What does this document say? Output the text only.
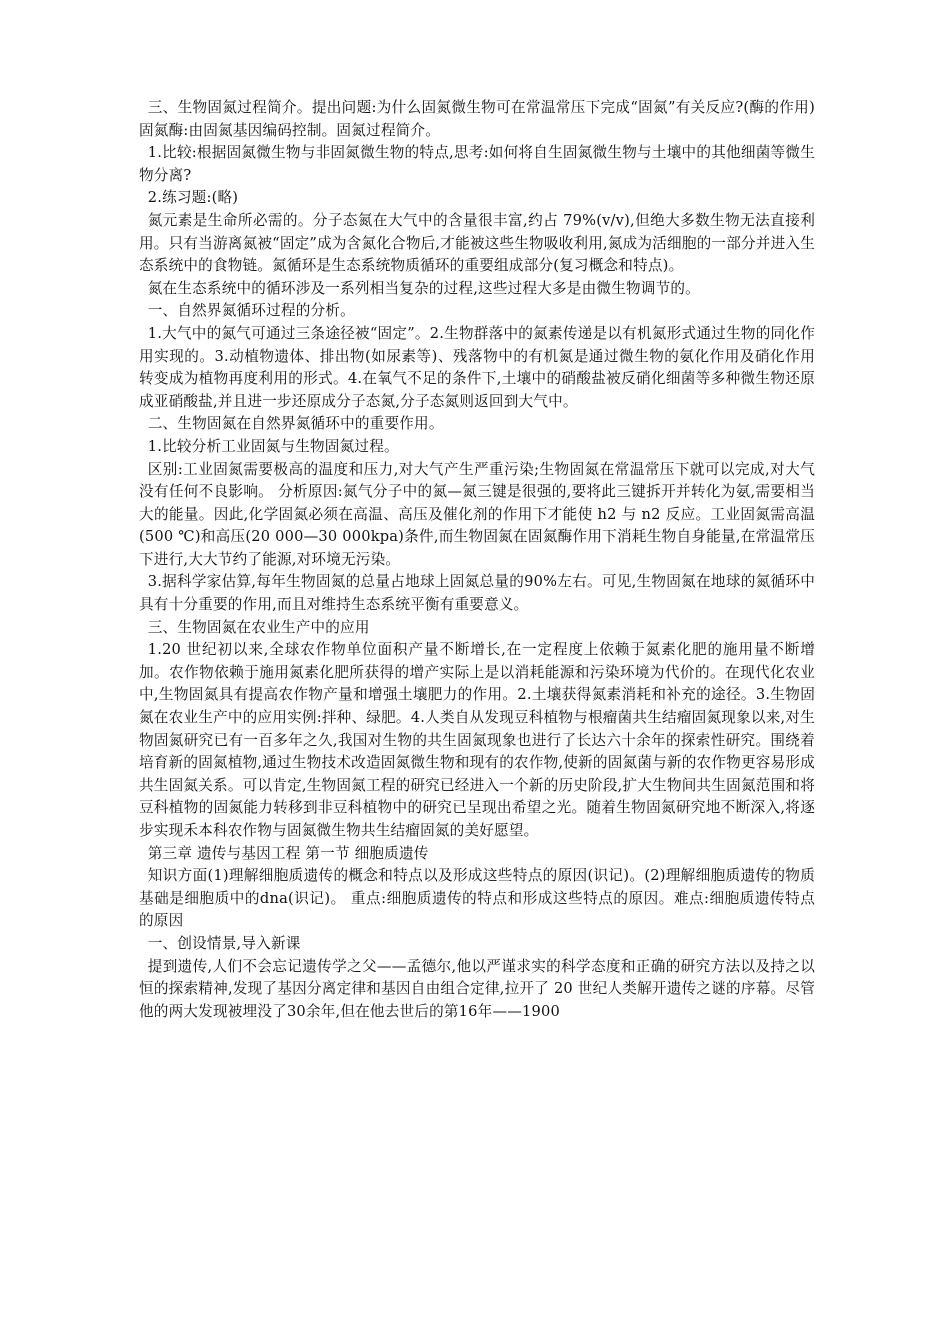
三、生物固氮过程简介。提出问题:为什么固氮微生物可在常温常压下完成“固氮”有关反应?(酶的作用)固氮酶:由固氮基因编码控制。固氮过程简介。

1.比较:根据固氮微生物与非固氮微生物的特点,思考:如何将自生固氮微生物与土壤中的其他细菌等微生物分离?

2.练习题:(略)

氮元素是生命所必需的。分子态氮在大气中的含量很丰富,约占 79%(v/v),但绝大多数生物无法直接利用。只有当游离氮被“固定”成为含氮化合物后,才能被这些生物吸收利用,氮成为活细胞的一部分并进入生态系统中的食物链。氮循环是生态系统物质循环的重要组成部分(复习概念和特点)。

氮在生态系统中的循环涉及一系列相当复杂的过程,这些过程大多是由微生物调节的。

一、自然界氮循环过程的分析。

1.大气中的氮气可通过三条途径被“固定”。2.生物群落中的氮素传递是以有机氮形式通过生物的同化作用实现的。3.动植物遗体、排出物(如尿素等)、残落物中的有机氮是通过微生物的氨化作用及硝化作用转变成为植物再度利用的形式。4.在氧气不足的条件下,土壤中的硝酸盐被反硝化细菌等多种微生物还原成亚硝酸盐,并且进一步还原成分子态氮,分子态氮则返回到大气中。

二、生物固氮在自然界氮循环中的重要作用。

1.比较分析工业固氮与生物固氮过程。

区别:工业固氮需要极高的温度和压力,对大气产生严重污染;生物固氮在常温常压下就可以完成,对大气没有任何不良影响。 分析原因:氮气分子中的氮—氮三键是很强的,要将此三键拆开并转化为氨,需要相当大的能量。因此,化学固氮必须在高温、高压及催化剂的作用下才能使 h2 与 n2 反应。工业固氮需高温(500 ℃)和高压(20 000—30 000kpa)条件,而生物固氮在固氮酶作用下消耗生物自身能量,在常温常压下进行,大大节约了能源,对环境无污染。

3.据科学家估算,每年生物固氮的总量占地球上固氮总量的90%左右。可见,生物固氮在地球的氮循环中具有十分重要的作用,而且对维持生态系统平衡有重要意义。

三、生物固氮在农业生产中的应用

1.20 世纪初以来,全球农作物单位面积产量不断增长,在一定程度上依赖于氮素化肥的施用量不断增加。农作物依赖于施用氮素化肥所获得的增产实际上是以消耗能源和污染环境为代价的。在现代化农业中,生物固氮具有提高农作物产量和增强土壤肥力的作用。2.土壤获得氮素消耗和补充的途径。3.生物固氮在农业生产中的应用实例:拌种、绿肥。4.人类自从发现豆科植物与根瘤菌共生结瘤固氮现象以来,对生物固氮研究已有一百多年之久,我国对生物的共生固氮现象也进行了长达六十余年的探索性研究。围绕着培育新的固氮植物,通过生物技术改造固氮微生物和现有的农作物,使新的固氮菌与新的农作物更容易形成共生固氮关系。可以肯定,生物固氮工程的研究已经进入一个新的历史阶段,扩大生物间共生固氮范围和将豆科植物的固氮能力转移到非豆科植物中的研究已呈现出希望之光。随着生物固氮研究地不断深入,将逐步实现禾本科农作物与固氮微生物共生结瘤固氮的美好愿望。

第三章 遗传与基因工程 第一节 细胞质遗传

知识方面(1)理解细胞质遗传的概念和特点以及形成这些特点的原因(识记)。(2)理解细胞质遗传的物质基础是细胞质中的dna(识记)。 重点:细胞质遗传的特点和形成这些特点的原因。难点:细胞质遗传特点的原因

一、创设情景,导入新课

提到遗传,人们不会忘记遗传学之父——孟德尔,他以严谨求实的科学态度和正确的研究方法以及持之以恒的探索精神,发现了基因分离定律和基因自由组合定律,拉开了 20 世纪人类解开遗传之谜的序幕。尽管他的两大发现被埋没了30余年,但在他去世后的第16年——1900
